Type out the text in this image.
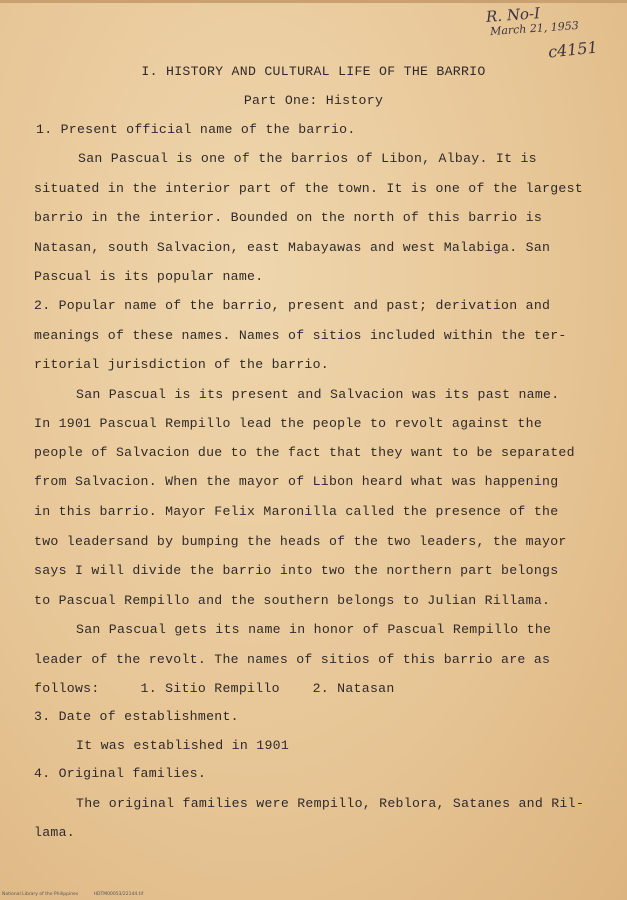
R. No-I
March 21, 1953
c4151
I. HISTORY AND CULTURAL LIFE OF THE BARRIO
Part One: History
1. Present official name of the barrio.
San Pascual is one of the barrios of Libon, Albay. It is
situated in the interior part of the town. It is one of the largest
barrio in the interior. Bounded on the north of this barrio is
Natasan, south Salvacion, east Mabayawas and west Malabiga. San
Pascual is its popular name.
2. Popular name of the barrio, present and past; derivation and
meanings of these names. Names of sitios included within the ter-
ritorial jurisdiction of the barrio.
San Pascual is its present and Salvacion was its past name.
In 1901 Pascual Rempillo lead the people to revolt against the
people of Salvacion due to the fact that they want to be separated
from Salvacion. When the mayor of Libon heard what was happening
in this barrio. Mayor Felix Maronilla called the presence of the
two leadersand by bumping the heads of the two leaders, the mayor
says I will divide the barrio into two the northern part belongs
to Pascual Rempillo and the southern belongs to Julian Rillama.
San Pascual gets its name in honor of Pascual Rempillo the
leader of the revolt. The names of sitios of this barrio are as
follows:     1. Sitio Rempillo    2. Natasan
3. Date of establishment.
It was established in 1901
4. Original families.
The original families were Rempillo, Reblora, Satanes and Ril-
lama.
National Library of the Philippines	HDTM00053/22144.tif
